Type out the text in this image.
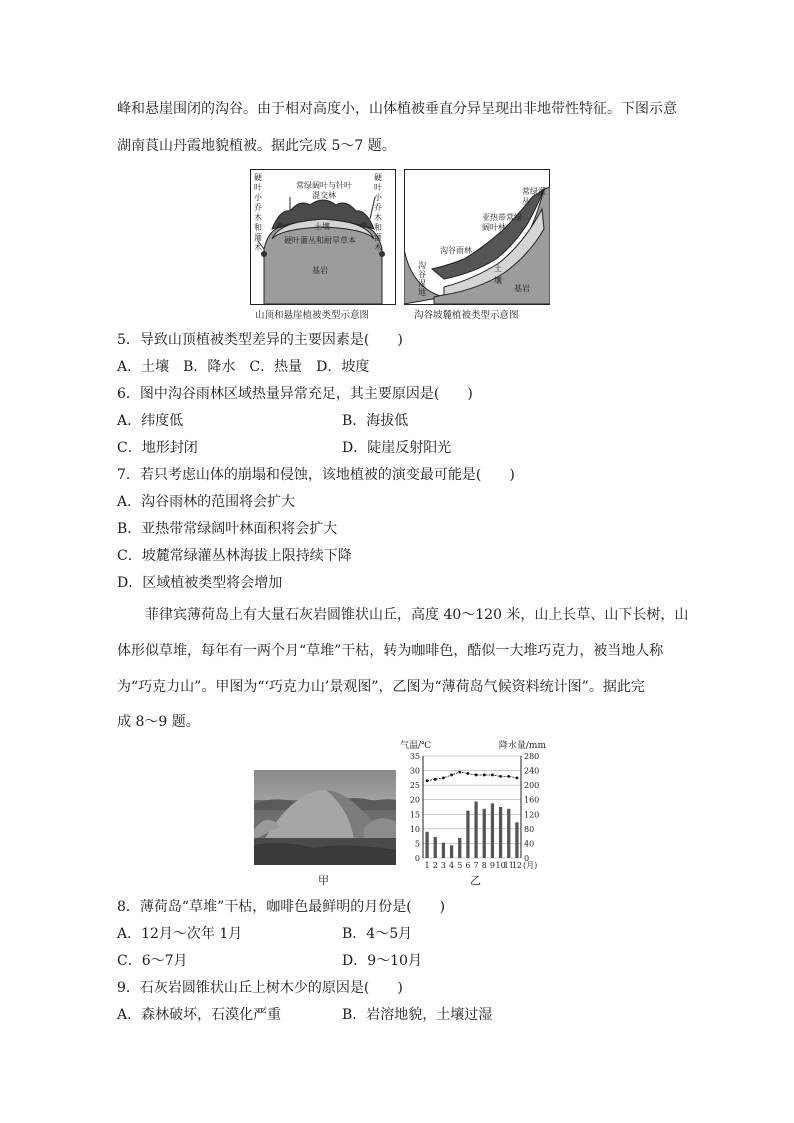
峰和悬崖围闭的沟谷。由于相对高度小，山体植被垂直分异呈现出非地带性特征。下图示意
湖南莨山丹霞地貌植被。据此完成 5～7 题。
硬叶小乔木和灌木
常绿阔叶与针叶混交林
硬叶小乔木和灌木
土壤
硬叶灌丛和耐旱草本
基岩
常绿灌丛
亚热带常绿阔叶林
沟谷雨林
沟谷湿地
土壤
基岩
山顶和悬崖植被类型示意图	沟谷坡麓植被类型示意图
5．导致山顶植被类型差异的主要因素是(　　)
A．土壤　B．降水　C．热量　D．坡度
6．图中沟谷雨林区域热量异常充足，其主要原因是(　　)
A．纬度低	B．海拔低
C．地形封闭	D．陡崖反射阳光
7．若只考虑山体的崩塌和侵蚀，该地植被的演变最可能是(　　)
A．沟谷雨林的范围将会扩大
B．亚热带常绿阔叶林面积将会扩大
C．坡麓常绿灌丛林海拔上限持续下降
D．区域植被类型将会增加
菲律宾薄荷岛上有大量石灰岩圆锥状山丘，高度 40～120 米，山上长草、山下长树，山
体形似草堆，每年有一两个月“草堆”干枯，转为咖啡色，酷似一大堆巧克力，被当地人称
为“巧克力山”。甲图为“‘巧克力山’景观图”，乙图为“薄荷岛气候资料统计图”。据此完
成 8～9 题。
甲
气温/℃	降水量/mm
35	280
30	240
25	200
20	160
15	120
10	80
5	40
0	0
1 2 3 4 5 6 7 8 9 10
11
12 (月)
乙
8．薄荷岛“草堆”干枯，咖啡色最鲜明的月份是(　　)
A．12月～次年 1月	B．4～5月
C．6～7月	D．9～10月
9．石灰岩圆锥状山丘上树木少的原因是(　　)
A．森林破坏，石漠化严重	B．岩溶地貌，土壤过湿
